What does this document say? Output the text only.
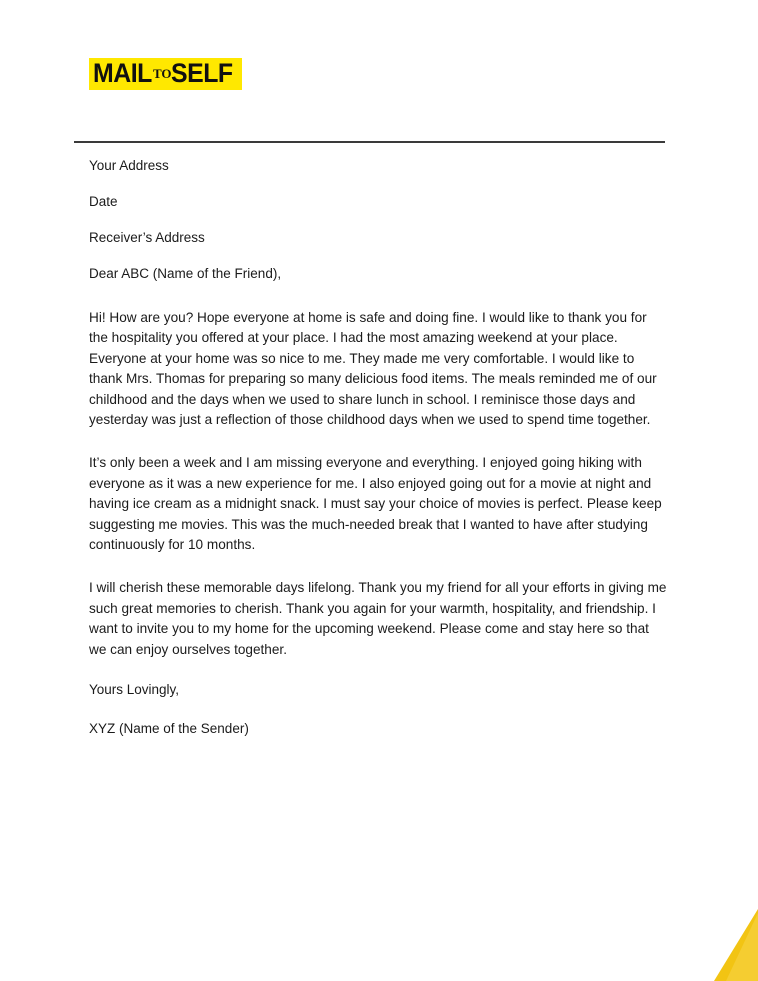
$MAIL^{TO}SELF$

Your Address

Date

Receiver’s Address

Dear ABC (Name of the Friend),

Hi! How are you? Hope everyone at home is safe and doing fine. I would like to thank you for the hospitality you offered at your place. I had the most amazing weekend at your place. Everyone at your home was so nice to me. They made me very comfortable. I would like to thank Mrs. Thomas for preparing so many delicious food items. The meals reminded me of our childhood and the days when we used to share lunch in school. I reminisce those days and yesterday was just a reflection of those childhood days when we used to spend time together.

It’s only been a week and I am missing everyone and everything. I enjoyed going hiking with everyone as it was a new experience for me. I also enjoyed going out for a movie at night and having ice cream as a midnight snack. I must say your choice of movies is perfect. Please keep suggesting me movies. This was the much-needed break that I wanted to have after studying continuously for 10 months.

I will cherish these memorable days lifelong. Thank you my friend for all your efforts in giving me such great memories to cherish. Thank you again for your warmth, hospitality, and friendship. I want to invite you to my home for the upcoming weekend. Please come and stay here so that we can enjoy ourselves together.

Yours Lovingly,

XYZ (Name of the Sender)
